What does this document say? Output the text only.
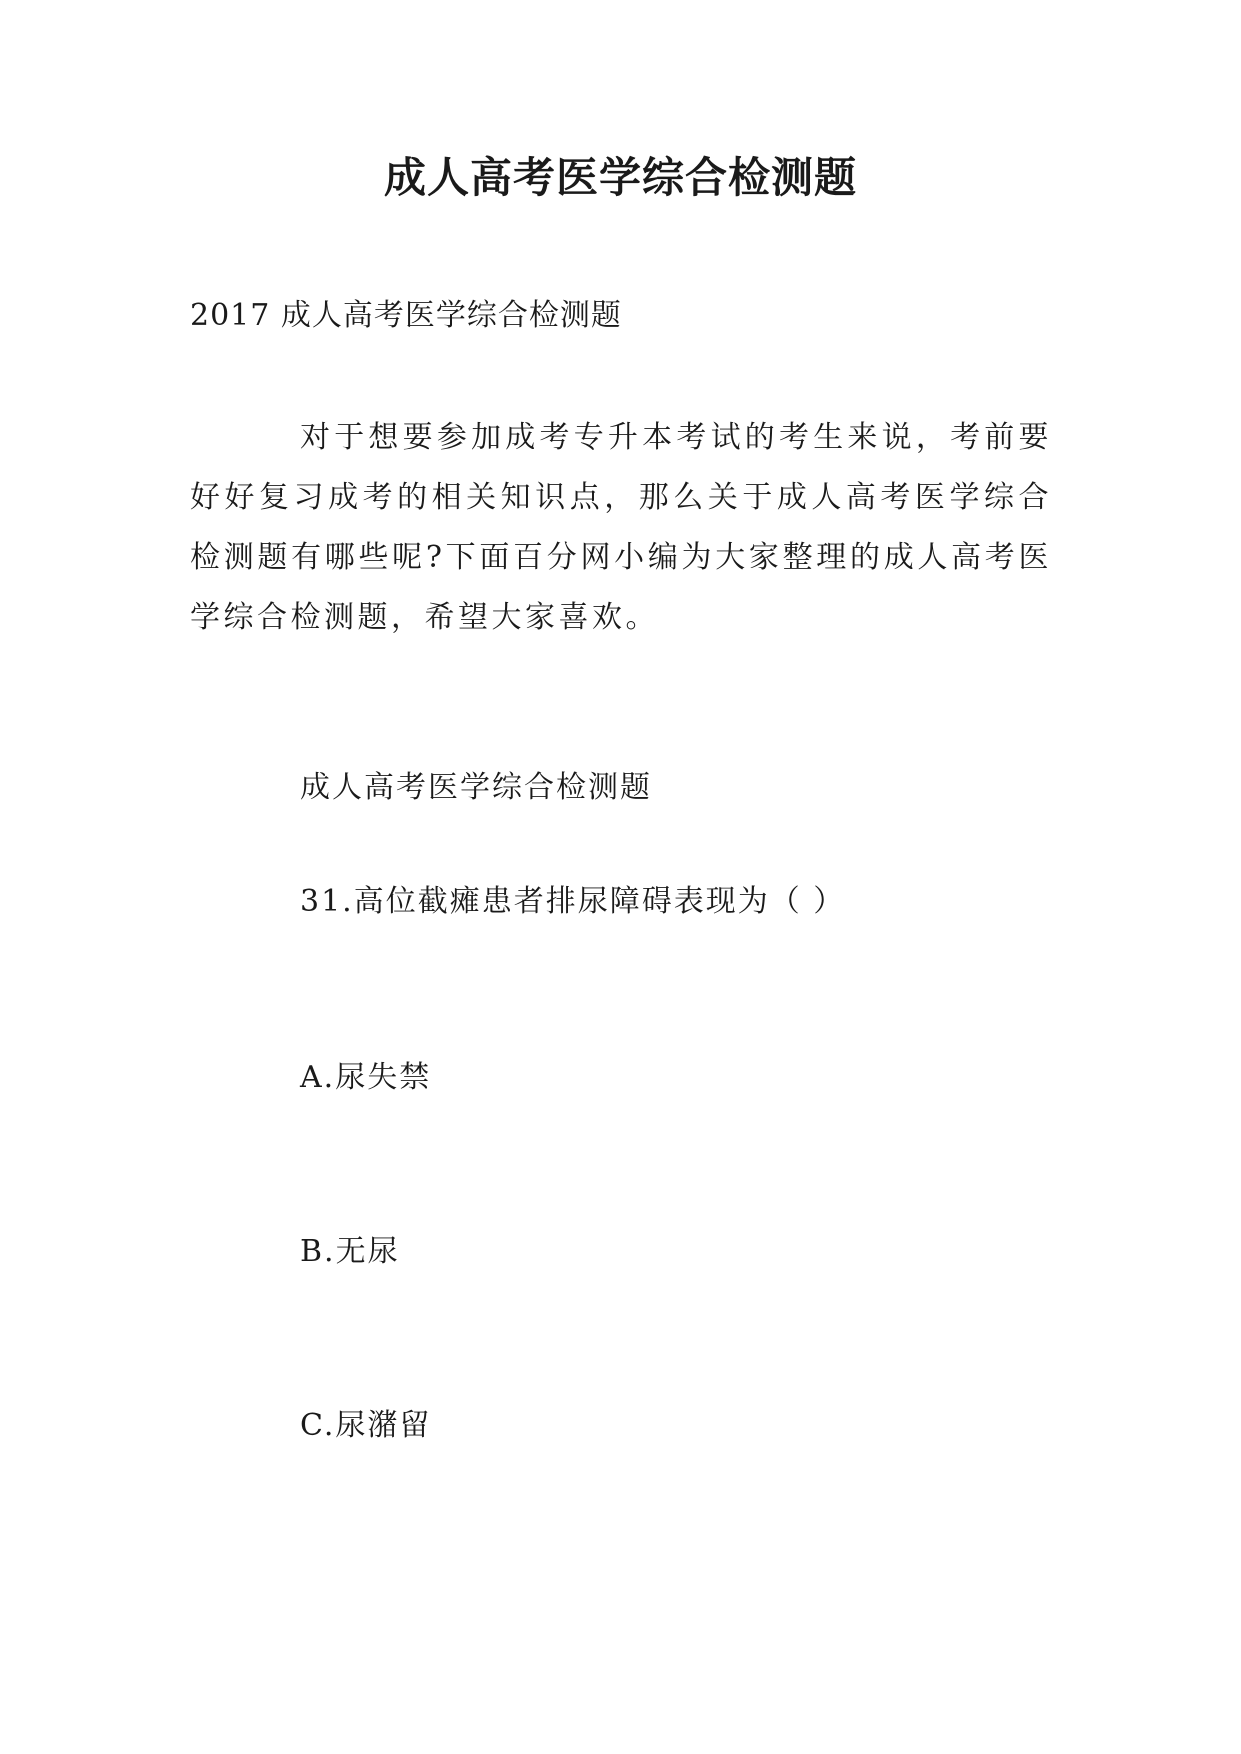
成人高考医学综合检测题
2017 成人高考医学综合检测题
对于想要参加成考专升本考试的考生来说，考前要好好复习成考的相关知识点，那么关于成人高考医学综合检测题有哪些呢?下面百分网小编为大家整理的成人高考医学综合检测题，希望大家喜欢。
成人高考医学综合检测题
31.高位截瘫患者排尿障碍表现为（ ）
A.尿失禁
B.无尿
C.尿潴留
